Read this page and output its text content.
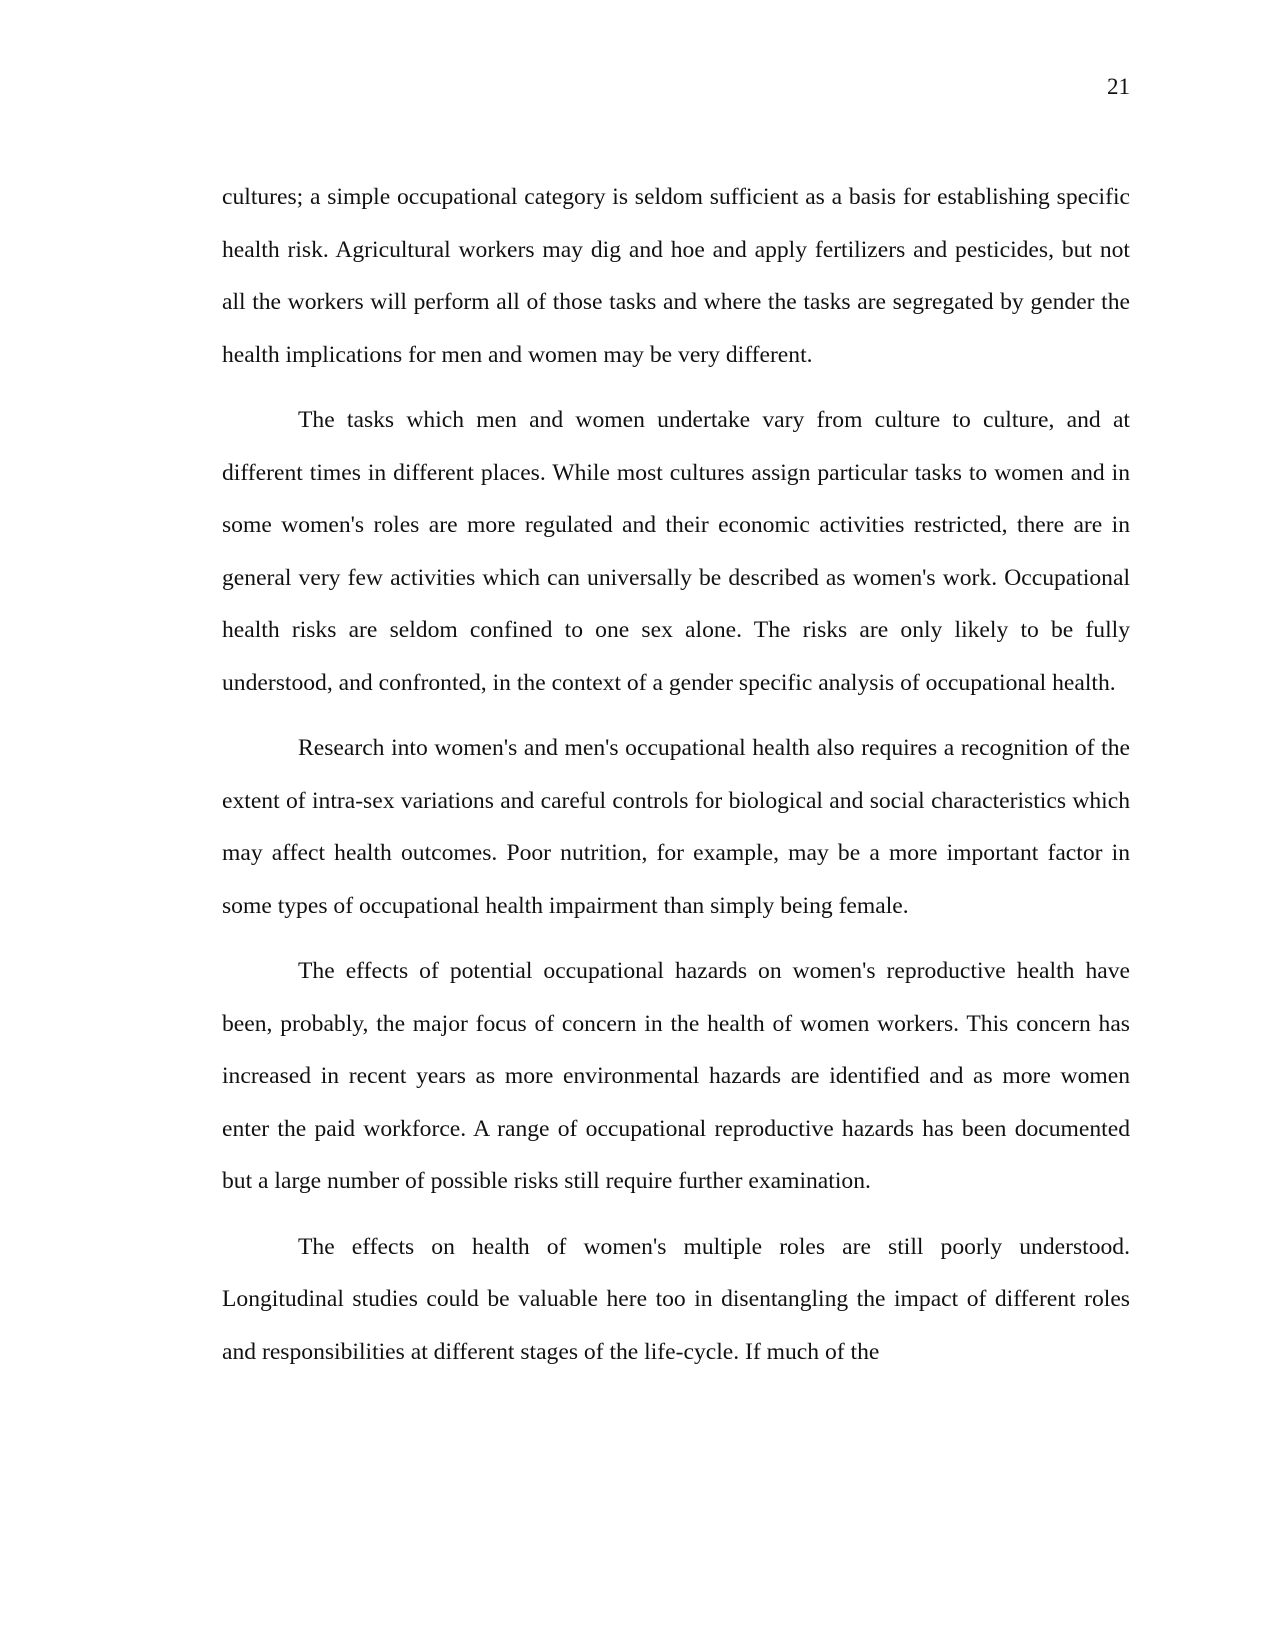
21

cultures; a simple occupational category is seldom sufficient as a basis for establishing specific health risk. Agricultural workers may dig and hoe and apply fertilizers and pesticides, but not all the workers will perform all of those tasks and where the tasks are segregated by gender the health implications for men and women may be very different.

The tasks which men and women undertake vary from culture to culture, and at different times in different places. While most cultures assign particular tasks to women and in some women's roles are more regulated and their economic activities restricted, there are in general very few activities which can universally be described as women's work. Occupational health risks are seldom confined to one sex alone. The risks are only likely to be fully understood, and confronted, in the context of a gender specific analysis of occupational health.

Research into women's and men's occupational health also requires a recognition of the extent of intra-sex variations and careful controls for biological and social characteristics which may affect health outcomes. Poor nutrition, for example, may be a more important factor in some types of occupational health impairment than simply being female.

The effects of potential occupational hazards on women's reproductive health have been, probably, the major focus of concern in the health of women workers. This concern has increased in recent years as more environmental hazards are identified and as more women enter the paid workforce. A range of occupational reproductive hazards has been documented but a large number of possible risks still require further examination.

The effects on health of women's multiple roles are still poorly understood. Longitudinal studies could be valuable here too in disentangling the impact of different roles and responsibilities at different stages of the life-cycle. If much of the
